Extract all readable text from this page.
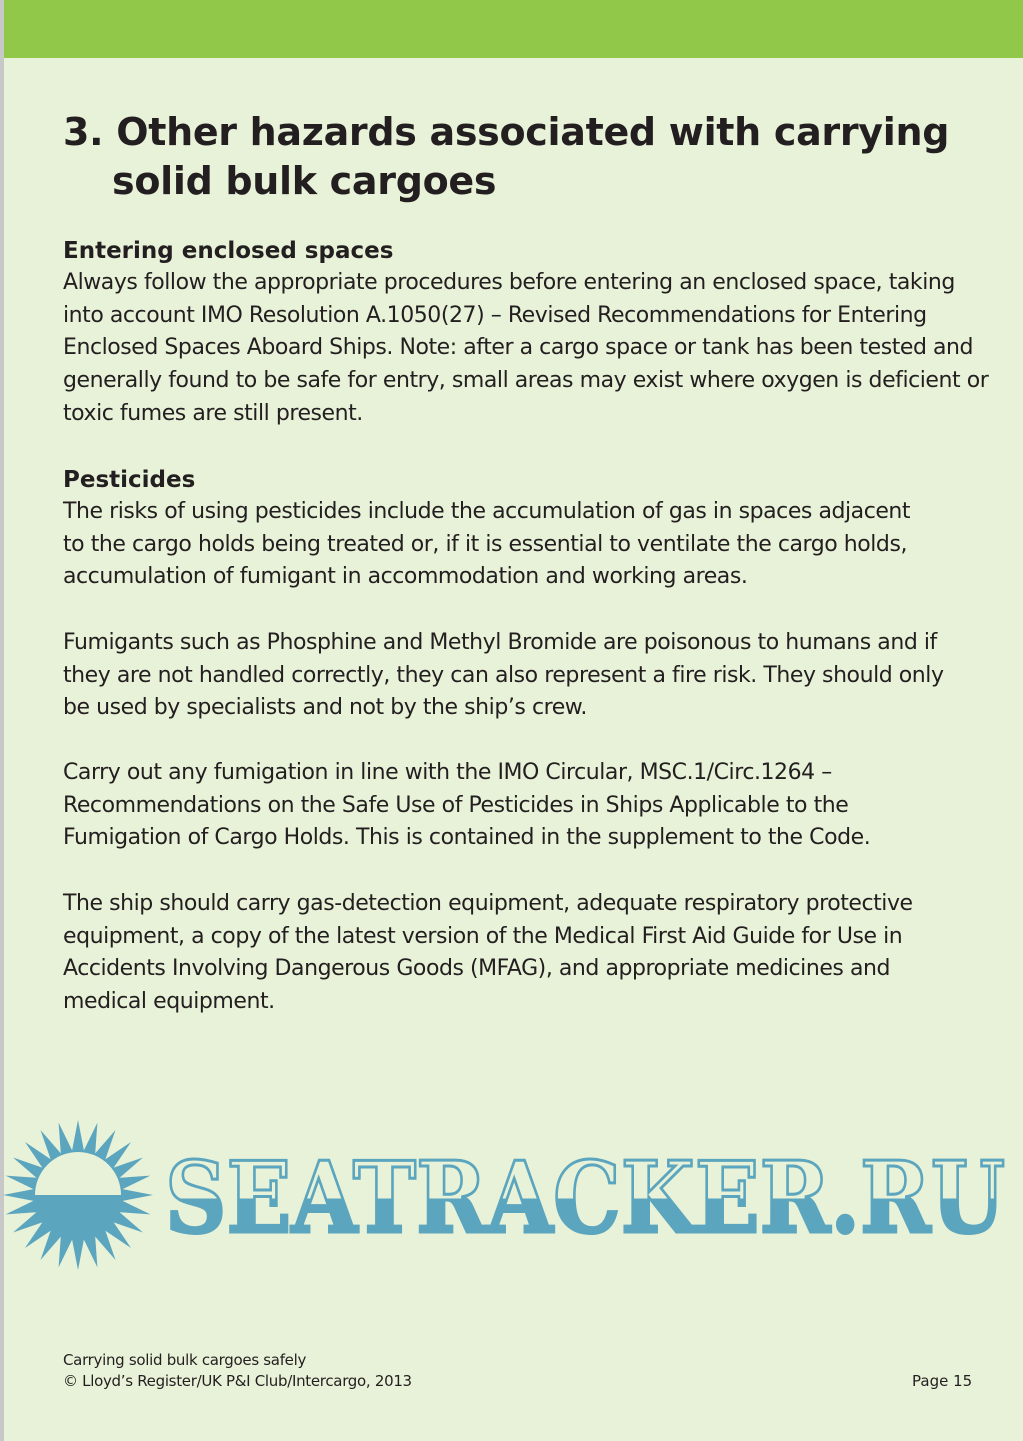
3. Other hazards associated with carrying
solid bulk cargoes
Entering enclosed spaces
Always follow the appropriate procedures before entering an enclosed space, taking
into account IMO Resolution A.1050(27) – Revised Recommendations for Entering
Enclosed Spaces Aboard Ships. Note: after a cargo space or tank has been tested and
generally found to be safe for entry, small areas may exist where oxygen is deficient or
toxic fumes are still present.
Pesticides
The risks of using pesticides include the accumulation of gas in spaces adjacent
to the cargo holds being treated or, if it is essential to ventilate the cargo holds,
accumulation of fumigant in accommodation and working areas.
Fumigants such as Phosphine and Methyl Bromide are poisonous to humans and if
they are not handled correctly, they can also represent a fire risk. They should only
be used by specialists and not by the ship’s crew.
Carry out any fumigation in line with the IMO Circular, MSC.1/Circ.1264 –
Recommendations on the Safe Use of Pesticides in Ships Applicable to the
Fumigation of Cargo Holds. This is contained in the supplement to the Code.
The ship should carry gas-detection equipment, adequate respiratory protective
equipment, a copy of the latest version of the Medical First Aid Guide for Use in
Accidents Involving Dangerous Goods (MFAG), and appropriate medicines and
medical equipment.
SEATRACKER.RU
Carrying solid bulk cargoes safely
© Lloyd’s Register/UK P&I Club/Intercargo, 2013	Page 15
